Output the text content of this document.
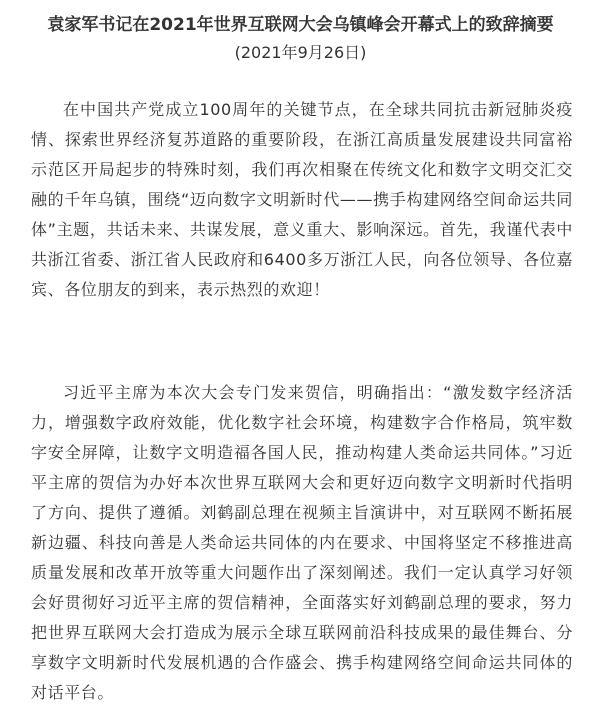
袁家军书记在2021年世界互联网大会乌镇峰会开幕式上的致辞摘要
(2021年9月26日)

在中国共产党成立100周年的关键节点，在全球共同抗击新冠肺炎疫情、探索世界经济复苏道路的重要阶段，在浙江高质量发展建设共同富裕示范区开局起步的特殊时刻，我们再次相聚在传统文化和数字文明交汇交融的千年乌镇，围绕“迈向数字文明新时代——携手构建网络空间命运共同体”主题，共话未来、共谋发展，意义重大、影响深远。首先，我谨代表中共浙江省委、浙江省人民政府和6400多万浙江人民，向各位领导、各位嘉宾、各位朋友的到来，表示热烈的欢迎！

习近平主席为本次大会专门发来贺信，明确指出：“激发数字经济活力，增强数字政府效能，优化数字社会环境，构建数字合作格局，筑牢数字安全屏障，让数字文明造福各国人民，推动构建人类命运共同体。”习近平主席的贺信为办好本次世界互联网大会和更好迈向数字文明新时代指明了方向、提供了遵循。刘鹤副总理在视频主旨演讲中，对互联网不断拓展新边疆、科技向善是人类命运共同体的内在要求、中国将坚定不移推进高质量发展和改革开放等重大问题作出了深刻阐述。我们一定认真学习好领会好贯彻好习近平主席的贺信精神，全面落实好刘鹤副总理的要求，努力把世界互联网大会打造成为展示全球互联网前沿科技成果的最佳舞台、分享数字文明新时代发展机遇的合作盛会、携手构建网络空间命运共同体的对话平台。
